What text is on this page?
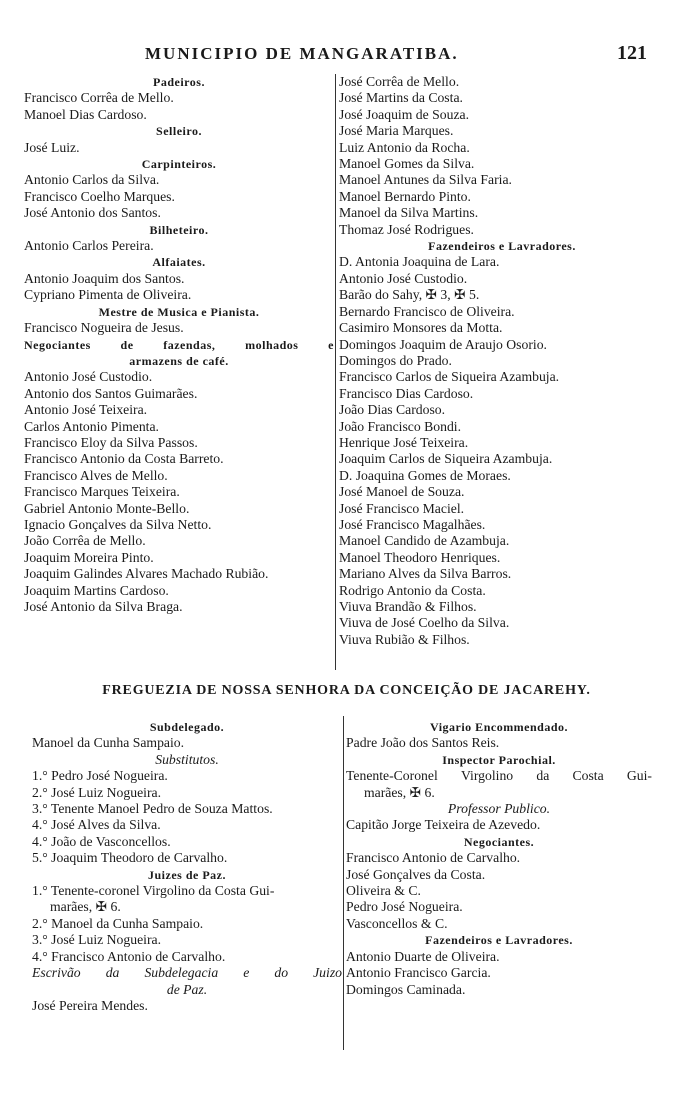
MUNICIPIO DE MANGARATIBA.	121
Padeiros.
Francisco Corrêa de Mello.
Manoel Dias Cardoso.
Selleiro.
José Luiz.
Carpinteiros.
Antonio Carlos da Silva.
Francisco Coelho Marques.
José Antonio dos Santos.
Bilheteiro.
Antonio Carlos Pereira.
Alfaiates.
Antonio Joaquim dos Santos.
Cypriano Pimenta de Oliveira.
Mestre de Musica e Pianista.
Francisco Nogueira de Jesus.
Negociantes de fazendas, molhados e
armazens de café.
Antonio José Custodio.
Antonio dos Santos Guimarães.
Antonio José Teixeira.
Carlos Antonio Pimenta.
Francisco Eloy da Silva Passos.
Francisco Antonio da Costa Barreto.
Francisco Alves de Mello.
Francisco Marques Teixeira.
Gabriel Antonio Monte-Bello.
Ignacio Gonçalves da Silva Netto.
João Corrêa de Mello.
Joaquim Moreira Pinto.
Joaquim Galindes Alvares Machado Rubião.
Joaquim Martins Cardoso.
José Antonio da Silva Braga.
José Corrêa de Mello.
José Martins da Costa.
José Joaquim de Souza.
José Maria Marques.
Luiz Antonio da Rocha.
Manoel Gomes da Silva.
Manoel Antunes da Silva Faria.
Manoel Bernardo Pinto.
Manoel da Silva Martins.
Thomaz José Rodrigues.
Fazendeiros e Lavradores.
D. Antonia Joaquina de Lara.
Antonio José Custodio.
Barão do Sahy, ✠ 3, ✠ 5.
Bernardo Francisco de Oliveira.
Casimiro Monsores da Motta.
Domingos Joaquim de Araujo Osorio.
Domingos do Prado.
Francisco Carlos de Siqueira Azambuja.
Francisco Dias Cardoso.
João Dias Cardoso.
João Francisco Bondi.
Henrique José Teixeira.
Joaquim Carlos de Siqueira Azambuja.
D. Joaquina Gomes de Moraes.
José Manoel de Souza.
José Francisco Maciel.
José Francisco Magalhães.
Manoel Candido de Azambuja.
Manoel Theodoro Henriques.
Mariano Alves da Silva Barros.
Rodrigo Antonio da Costa.
Viuva Brandão & Filhos.
Viuva de José Coelho da Silva.
Viuva Rubião & Filhos.
FREGUEZIA DE NOSSA SENHORA DA CONCEIÇÃO DE JACAREHY.
Subdelegado.
Manoel da Cunha Sampaio.
Substitutos.
1.° Pedro José Nogueira.
2.° José Luiz Nogueira.
3.° Tenente Manoel Pedro de Souza Mattos.
4.° José Alves da Silva.
4.° João de Vasconcellos.
5.° Joaquim Theodoro de Carvalho.
Juizes de Paz.
1.° Tenente-coronel Virgolino da Costa Gui-
marães, ✠ 6.
2.° Manoel da Cunha Sampaio.
3.° José Luiz Nogueira.
4.° Francisco Antonio de Carvalho.
Escrivão da Subdelegacia e do Juizo
de Paz.
José Pereira Mendes.
Vigario Encommendado.
Padre João dos Santos Reis.
Inspector Parochial.
Tenente-Coronel Virgolino da Costa Gui-
marães, ✠ 6.
Professor Publico.
Capitão Jorge Teixeira de Azevedo.
Negociantes.
Francisco Antonio de Carvalho.
José Gonçalves da Costa.
Oliveira & C.
Pedro José Nogueira.
Vasconcellos & C.
Fazendeiros e Lavradores.
Antonio Duarte de Oliveira.
Antonio Francisco Garcia.
Domingos Caminada.
